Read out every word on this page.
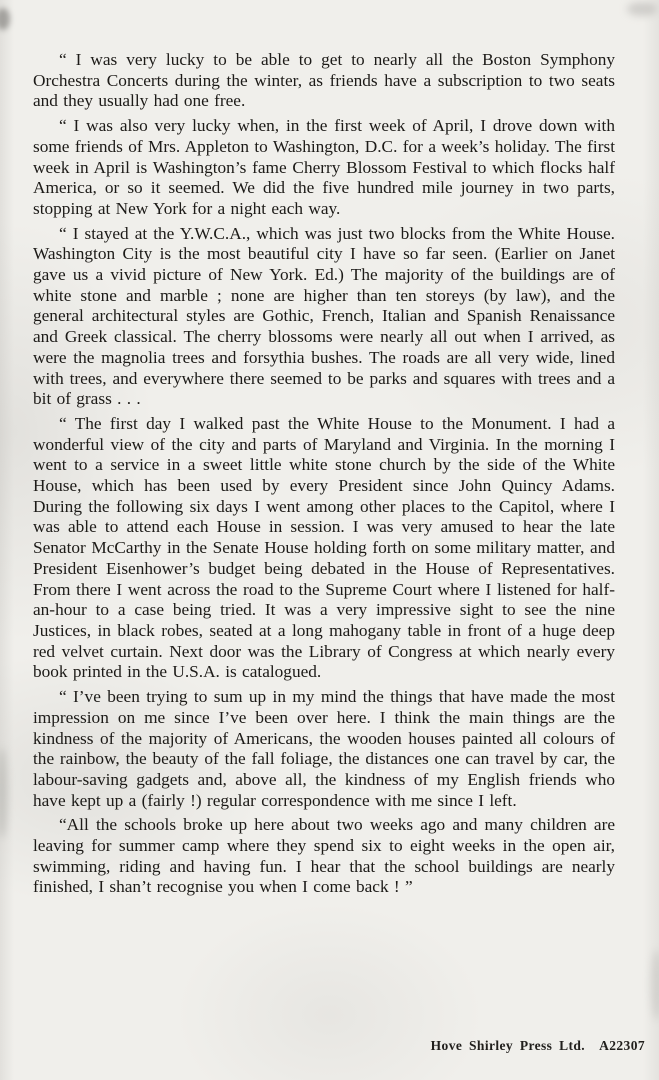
“ I was very lucky to be able to get to nearly all the Boston Symphony Orchestra Concerts during the winter, as friends have a subscription to two seats and they usually had one free.

“ I was also very lucky when, in the first week of April, I drove down with some friends of Mrs. Appleton to Washington, D.C. for a week’s holiday. The first week in April is Washington’s fame Cherry Blossom Festival to which flocks half America, or so it seemed. We did the five hundred mile journey in two parts, stopping at New York for a night each way.

“ I stayed at the Y.W.C.A., which was just two blocks from the White House. Washington City is the most beautiful city I have so far seen. (Earlier on Janet gave us a vivid picture of New York. Ed.) The majority of the buildings are of white stone and marble ; none are higher than ten storeys (by law), and the general architectural styles are Gothic, French, Italian and Spanish Renaissance and Greek classical. The cherry blossoms were nearly all out when I arrived, as were the magnolia trees and forsythia bushes. The roads are all very wide, lined with trees, and everywhere there seemed to be parks and squares with trees and a bit of grass . . .

“ The first day I walked past the White House to the Monument. I had a wonderful view of the city and parts of Maryland and Virginia. In the morning I went to a service in a sweet little white stone church by the side of the White House, which has been used by every President since John Quincy Adams. During the following six days I went among other places to the Capitol, where I was able to attend each House in session. I was very amused to hear the late Senator McCarthy in the Senate House holding forth on some military matter, and President Eisenhower’s budget being debated in the House of Representatives. From there I went across the road to the Supreme Court where I listened for half-an-hour to a case being tried. It was a very impressive sight to see the nine Justices, in black robes, seated at a long mahogany table in front of a huge deep red velvet curtain. Next door was the Library of Congress at which nearly every book printed in the U.S.A. is catalogued.

“ I’ve been trying to sum up in my mind the things that have made the most impression on me since I’ve been over here. I think the main things are the kindness of the majority of Americans, the wooden houses painted all colours of the rainbow, the beauty of the fall foliage, the distances one can travel by car, the labour-saving gadgets and, above all, the kindness of my English friends who have kept up a (fairly !) regular correspondence with me since I left.

“All the schools broke up here about two weeks ago and many children are leaving for summer camp where they spend six to eight weeks in the open air, swimming, riding and having fun. I hear that the school buildings are nearly finished, I shan’t recognise you when I come back ! ”

Hove Shirley Press Ltd. A22307
